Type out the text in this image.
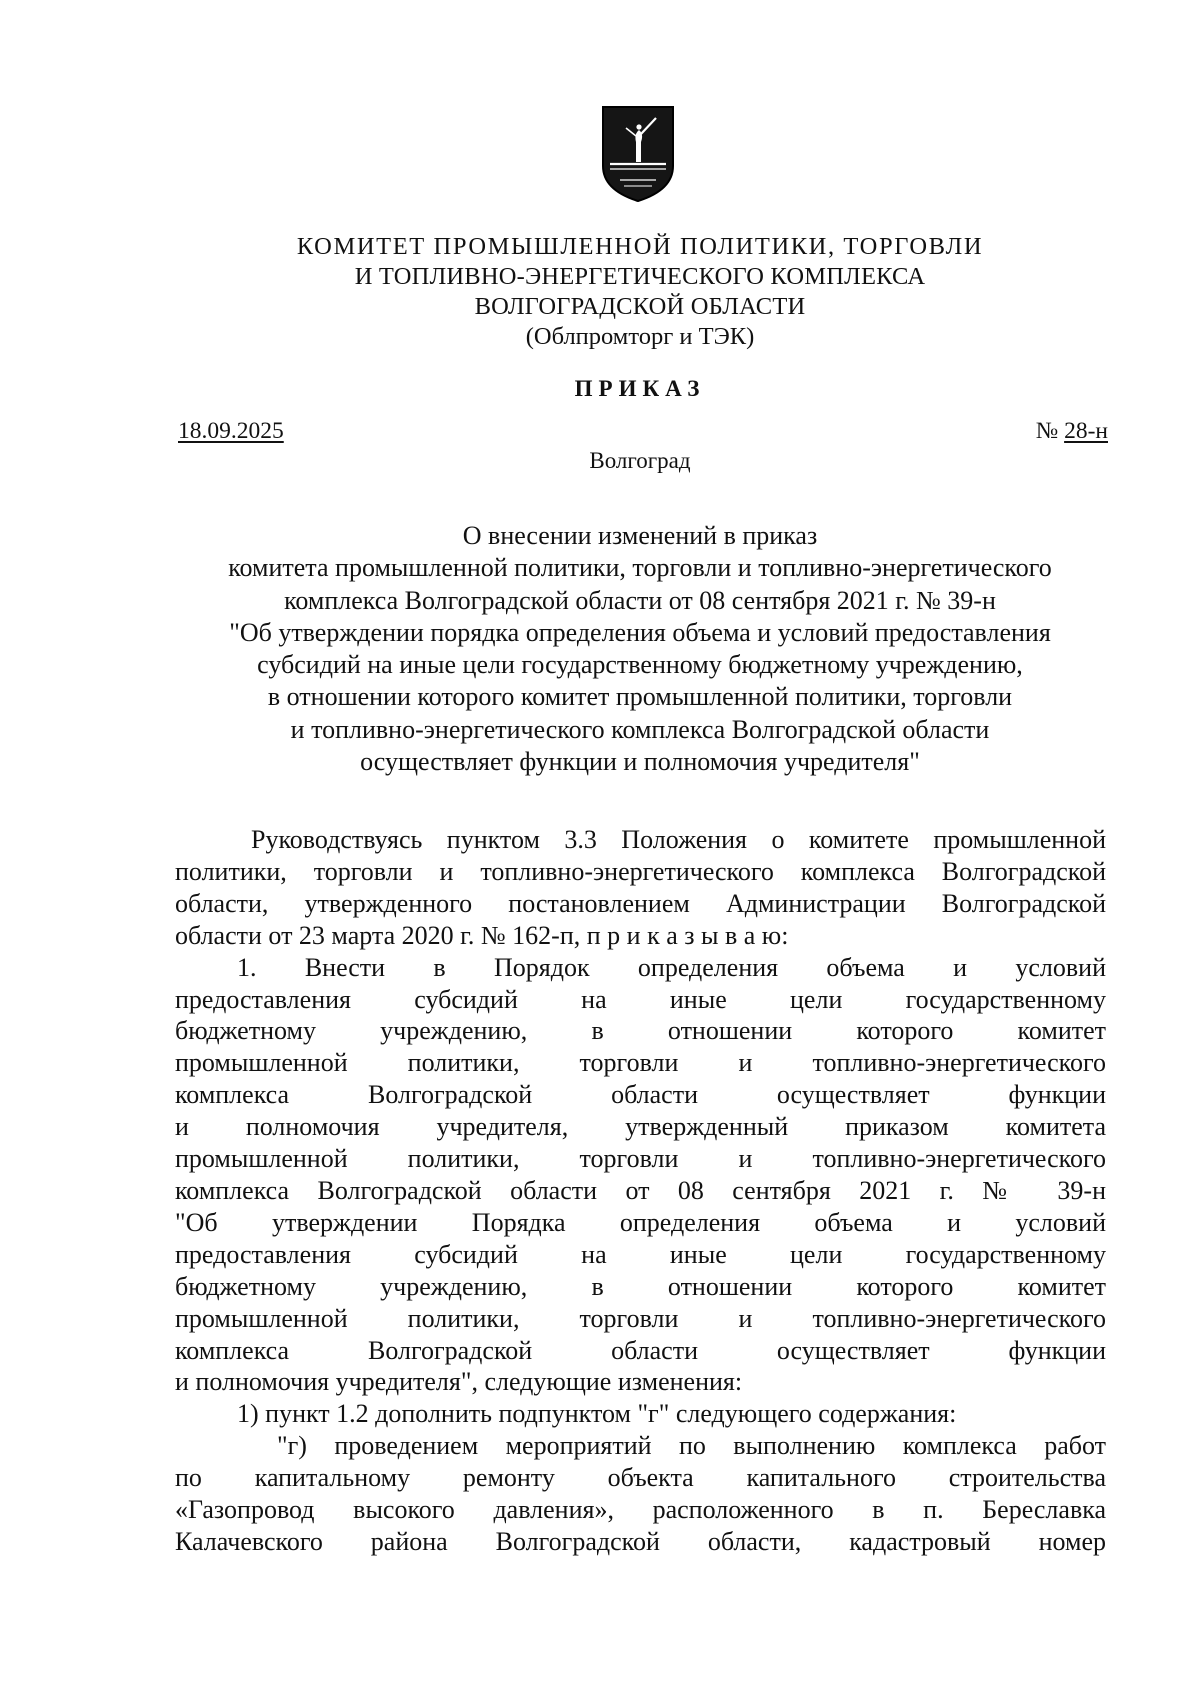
КОМИТЕТ ПРОМЫШЛЕННОЙ ПОЛИТИКИ, ТОРГОВЛИ
И ТОПЛИВНО-ЭНЕРГЕТИЧЕСКОГО КОМПЛЕКСА
ВОЛГОГРАДСКОЙ ОБЛАСТИ
(Облпромторг и ТЭК)
ПРИКАЗ
18.09.2025	№ 28-н
Волгоград
О внесении изменений в приказ
комитета промышленной политики, торговли и топливно-энергетического
комплекса Волгоградской области от 08 сентября 2021 г. № 39-н
"Об утверждении порядка определения объема и условий предоставления
субсидий на иные цели государственному бюджетному учреждению,
в отношении которого комитет промышленной политики, торговли
и топливно-энергетического комплекса Волгоградской области
осуществляет функции и полномочия учредителя"
Руководствуясь пунктом 3.3 Положения о комитете промышленной
политики, торговли и топливно-энергетического комплекса Волгоградской
области, утвержденного постановлением Администрации Волгоградской
области от 23 марта 2020 г. № 162-п, п р и к а з ы в а ю:
1. Внести в Порядок определения объема и условий
предоставления субсидий на иные цели государственному
бюджетному учреждению, в отношении которого комитет
промышленной политики, торговли и топливно-энергетического
комплекса Волгоградской области осуществляет функции
и полномочия учредителя, утвержденный приказом комитета
промышленной политики, торговли и топливно-энергетического
комплекса Волгоградской области от 08 сентября 2021 г. № 39-н
"Об утверждении Порядка определения объема и условий
предоставления субсидий на иные цели государственному
бюджетному учреждению, в отношении которого комитет
промышленной политики, торговли и топливно-энергетического
комплекса Волгоградской области осуществляет функции
и полномочия учредителя", следующие изменения:
1) пункт 1.2 дополнить подпунктом "г" следующего содержания:
"г) проведением мероприятий по выполнению комплекса работ
по капитальному ремонту объекта капитального строительства
«Газопровод высокого давления», расположенного в п. Береславка
Калачевского района Волгоградской области, кадастровый номер
